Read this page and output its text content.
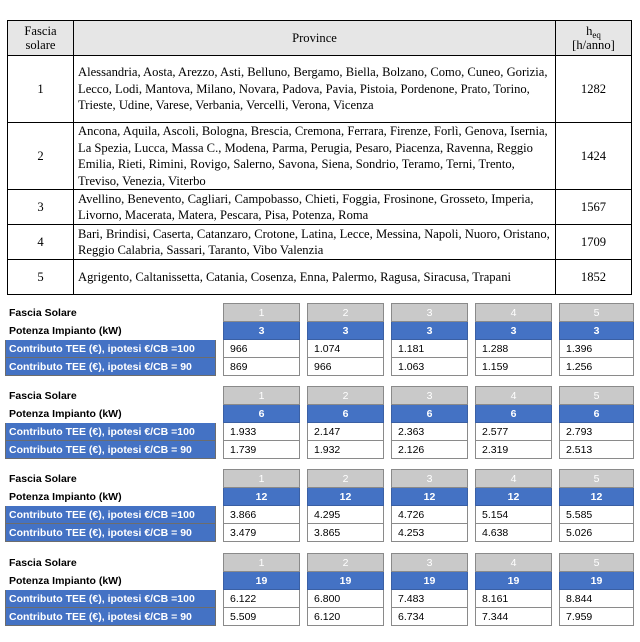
Fascia
solare	Province	$h_{eq}$
[h/anno]
1	Alessandria, Aosta, Arezzo, Asti, Belluno, Bergamo, Biella, Bolzano, Como, Cuneo, Gorizia, Lecco, Lodi, Mantova, Milano, Novara, Padova, Pavia, Pistoia, Pordenone, Prato, Torino, Trieste, Udine, Varese, Verbania, Vercelli, Verona, Vicenza	1282
2	Ancona, Aquila, Ascoli, Bologna, Brescia, Cremona, Ferrara, Firenze, Forlì, Genova, Isernia, La Spezia, Lucca, Massa C., Modena, Parma, Perugia, Pesaro, Piacenza, Ravenna, Reggio Emilia, Rieti, Rimini, Rovigo, Salerno, Savona, Siena, Sondrio, Teramo, Terni, Trento, Treviso, Venezia, Viterbo	1424
3	Avellino, Benevento, Cagliari, Campobasso, Chieti, Foggia, Frosinone, Grosseto, Imperia, Livorno, Macerata, Matera, Pescara, Pisa, Potenza, Roma	1567
4	Bari, Brindisi, Caserta, Catanzaro, Crotone, Latina, Lecce, Messina, Napoli, Nuoro, Oristano, Reggio Calabria, Sassari, Taranto, Vibo Valenzia	1709
5	Agrigento, Caltanissetta, Catania, Cosenza, Enna, Palermo, Ragusa, Siracusa, Trapani	1852
Fascia Solare		1		2		3		4		5
Potenza Impianto (kW)		3		3		3		3		3
Contributo TEE (€), ipotesi €/CB =100		966		1.074		1.181		1.288		1.396
Contributo TEE (€), ipotesi €/CB = 90		869		966		1.063		1.159		1.256
Fascia Solare		1		2		3		4		5
Potenza Impianto (kW)		6		6		6		6		6
Contributo TEE (€), ipotesi €/CB =100		1.933		2.147		2.363		2.577		2.793
Contributo TEE (€), ipotesi €/CB = 90		1.739		1.932		2.126		2.319		2.513
Fascia Solare		1		2		3		4		5
Potenza Impianto (kW)		12		12		12		12		12
Contributo TEE (€), ipotesi €/CB =100		3.866		4.295		4.726		5.154		5.585
Contributo TEE (€), ipotesi €/CB = 90		3.479		3.865		4.253		4.638		5.026
Fascia Solare		1		2		3		4		5
Potenza Impianto (kW)		19		19		19		19		19
Contributo TEE (€), ipotesi €/CB =100		6.122		6.800		7.483		8.161		8.844
Contributo TEE (€), ipotesi €/CB = 90		5.509		6.120		6.734		7.344		7.959
